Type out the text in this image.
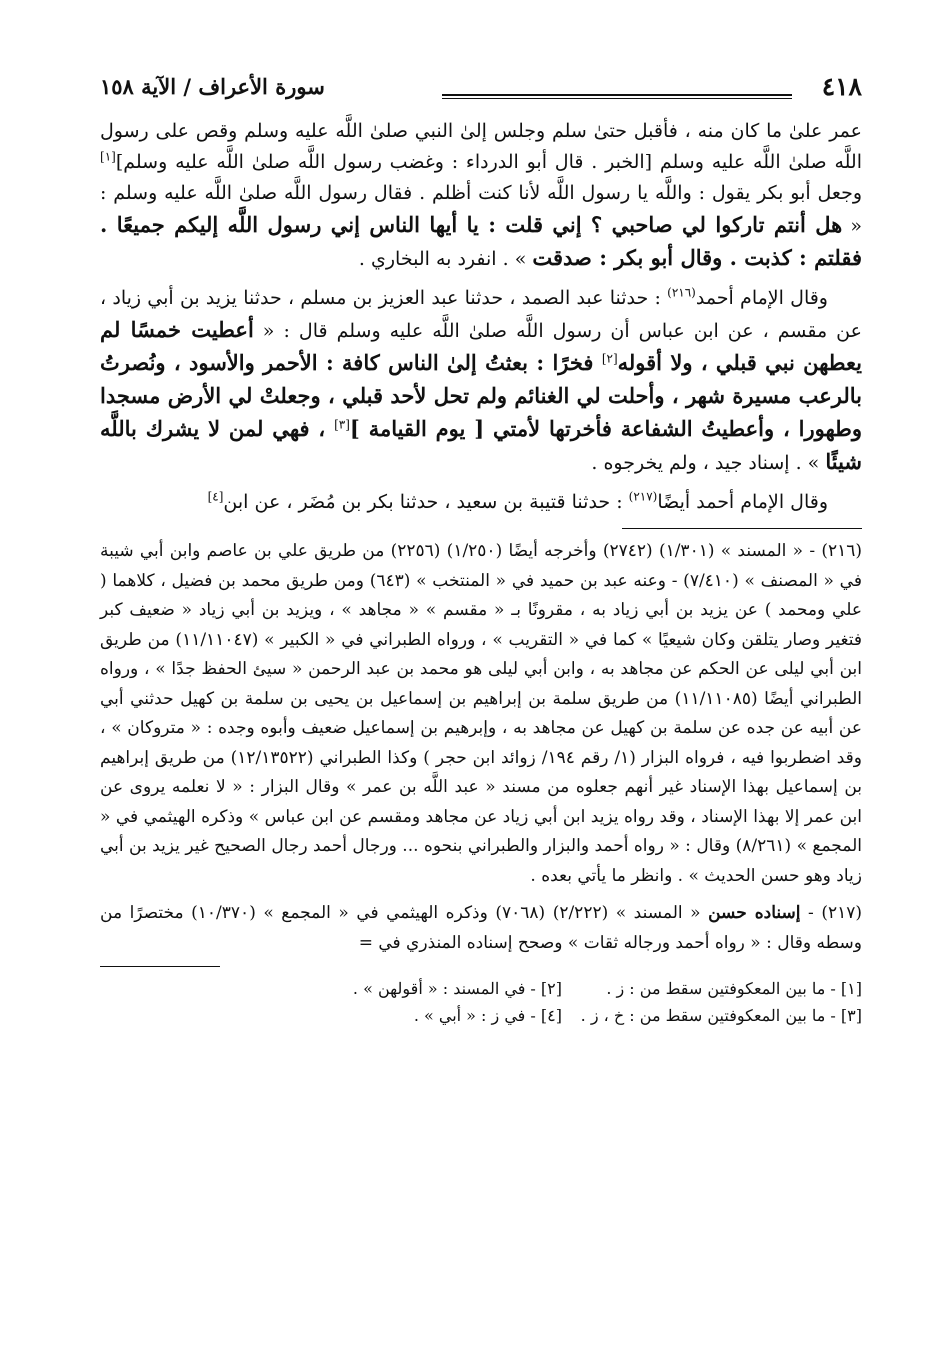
٤١٨
سورة الأعراف / الآية ١٥٨

عمر علىٰ ما كان منه ، فأقبل حتىٰ سلم وجلس إلىٰ النبي صلىٰ اللَّه عليه وسلم وقص على رسول اللَّه صلىٰ اللَّه عليه وسلم [الخبر . قال أبو الدرداء : وغضب رسول اللَّه صلىٰ اللَّه عليه وسلم][١] وجعل أبو بكر يقول : واللَّه يا رسول اللَّه لأنا كنت أظلم . فقال رسول اللَّه صلىٰ اللَّه عليه وسلم : « هل أنتم تاركوا لي صاحبي ؟ إني قلت : يا أيها الناس إني رسول اللَّه إليكم جميعًا . فقلتم : كذبت . وقال أبو بكر : صدقت » . انفرد به البخاري .

وقال الإمام أحمد$^{(٢١٦)}$ : حدثنا عبد الصمد ، حدثنا عبد العزيز بن مسلم ، حدثنا يزيد بن أبي زياد ، عن مقسم ، عن ابن عباس أن رسول اللَّه صلىٰ اللَّه عليه وسلم قال : « أعطيت خمسًا لم يعطهن نبي قبلي ، ولا أقوله[٢] فخرًا : بعثتُ إلىٰ الناس كافة : الأحمر والأسود ، ونُصرتُ بالرعب مسيرة شهر ، وأحلت لي الغنائم ولم تحل لأحد قبلي ، وجعلتْ لي الأرض مسجدا وطهورا ، وأعطيتُ الشفاعة فأخرتها لأمتي [ يوم القيامة ][٣] ، فهي لمن لا يشرك باللَّه شيئًا » . إسناد جيد ، ولم يخرجوه .

وقال الإمام أحمد أيضًا$^{(٢١٧)}$ : حدثنا قتيبة بن سعيد ، حدثنا بكر بن مُضَر ، عن ابن[٤]

(٢١٦) - « المسند » (١/٣٠١) (٢٧٤٢) وأخرجه أيضًا (١/٢٥٠) (٢٢٥٦) من طريق علي بن عاصم وابن أبي شيبة في « المصنف » (٧/٤١٠) - وعنه عبد بن حميد في « المنتخب » (٦٤٣) ومن طريق محمد بن فضيل ، كلاهما ( علي ومحمد ) عن يزيد بن أبي زياد به ، مقرونًا بـ « مقسم » « مجاهد » ، ويزيد بن أبي زياد « ضعيف كبر فتغير وصار يتلقن وكان شيعيًا » كما في « التقريب » ، ورواه الطبراني في « الكبير » (١١/١١٠٤٧) من طريق ابن أبي ليلى عن الحكم عن مجاهد به ، وابن أبي ليلى هو محمد بن عبد الرحمن « سيئ الحفظ جدًا » ، ورواه الطبراني أيضًا (١١/١١٠٨٥) من طريق سلمة بن إبراهيم بن إسماعيل بن يحيى بن سلمة بن كهيل حدثني أبي عن أبيه عن جده عن سلمة بن كهيل عن مجاهد به ، وإبرهيم بن إسماعيل ضعيف وأبوه وجده : « متروكان » ، وقد اضطربوا فيه ، فرواه البزار (١/ رقم ١٩٤/ زوائد ابن حجر ) وكذا الطبراني (١٢/١٣٥٢٢) من طريق إبراهيم بن إسماعيل بهذا الإسناد غير أنهم جعلوه من مسند « عبد اللَّه بن عمر » وقال البزار : « لا نعلمه يروى عن ابن عمر إلا بهذا الإسناد ، وقد رواه يزيد ابن أبي زياد عن مجاهد ومقسم عن ابن عباس » وذكره الهيثمي في « المجمع » (٨/٢٦١) وقال : « رواه أحمد والبزار والطبراني بنحوه ... ورجال أحمد رجال الصحيح غير يزيد بن أبي زياد وهو حسن الحديث » . وانظر ما يأتي بعده .

(٢١٧) - إسناده حسن « المسند » (٢/٢٢٢) (٧٠٦٨) وذكره الهيثمي في « المجمع » (١٠/٣٧٠) مختصرًا من وسطه وقال : « رواه أحمد ورجاله ثقات » وصحح إسناده المنذري في =

[١] - ما بين المعكوفتين سقط من : ز .
[٢] - في المسند : « أقولهن » .
[٣] - ما بين المعكوفتين سقط من : خ ، ز .
[٤] - في ز : « أبي » .
